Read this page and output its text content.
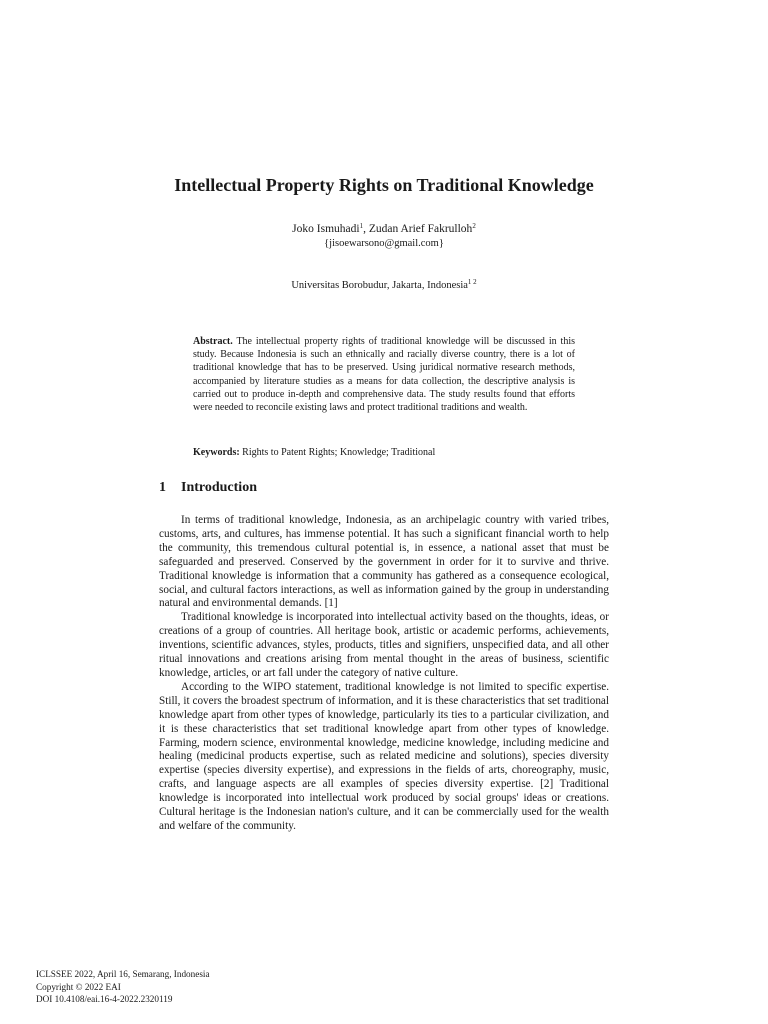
Intellectual Property Rights on Traditional Knowledge
Joko Ismuhadi$^1$, Zudan Arief Fakrulloh$^2$
{jisoewarsono@gmail.com}
Universitas Borobudur, Jakarta, Indonesia$^{1 2}$

Abstract. The intellectual property rights of traditional knowledge will be discussed in this study. Because Indonesia is such an ethnically and racially diverse country, there is a lot of traditional knowledge that has to be preserved. Using juridical normative research methods, accompanied by literature studies as a means for data collection, the descriptive analysis is carried out to produce in-depth and comprehensive data. The study results found that efforts were needed to reconcile existing laws and protect traditional traditions and wealth.

Keywords: Rights to Patent Rights; Knowledge; Traditional

1 Introduction

In terms of traditional knowledge, Indonesia, as an archipelagic country with varied tribes, customs, arts, and cultures, has immense potential. It has such a significant financial worth to help the community, this tremendous cultural potential is, in essence, a national asset that must be safeguarded and preserved. Conserved by the government in order for it to survive and thrive. Traditional knowledge is information that a community has gathered as a consequence ecological, social, and cultural factors interactions, as well as information gained by the group in understanding natural and environmental demands. [1]

Traditional knowledge is incorporated into intellectual activity based on the thoughts, ideas, or creations of a group of countries. All heritage book, artistic or academic performs, achievements, inventions, scientific advances, styles, products, titles and signifiers, unspecified data, and all other ritual innovations and creations arising from mental thought in the areas of business, scientific knowledge, articles, or art fall under the category of native culture.

According to the WIPO statement, traditional knowledge is not limited to specific expertise. Still, it covers the broadest spectrum of information, and it is these characteristics that set traditional knowledge apart from other types of knowledge, particularly its ties to a particular civilization, and it is these characteristics that set traditional knowledge apart from other types of knowledge. Farming, modern science, environmental knowledge, medicine knowledge, including medicine and healing (medicinal products expertise, such as related medicine and solutions), species diversity expertise (species diversity expertise), and expressions in the fields of arts, choreography, music, crafts, and language aspects are all examples of species diversity expertise. [2] Traditional knowledge is incorporated into intellectual work produced by social groups' ideas or creations. Cultural heritage is the Indonesian nation's culture, and it can be commercially used for the wealth and welfare of the community.

ICLSSEE 2022, April 16, Semarang, Indonesia
Copyright © 2022 EAI
DOI 10.4108/eai.16-4-2022.2320119
